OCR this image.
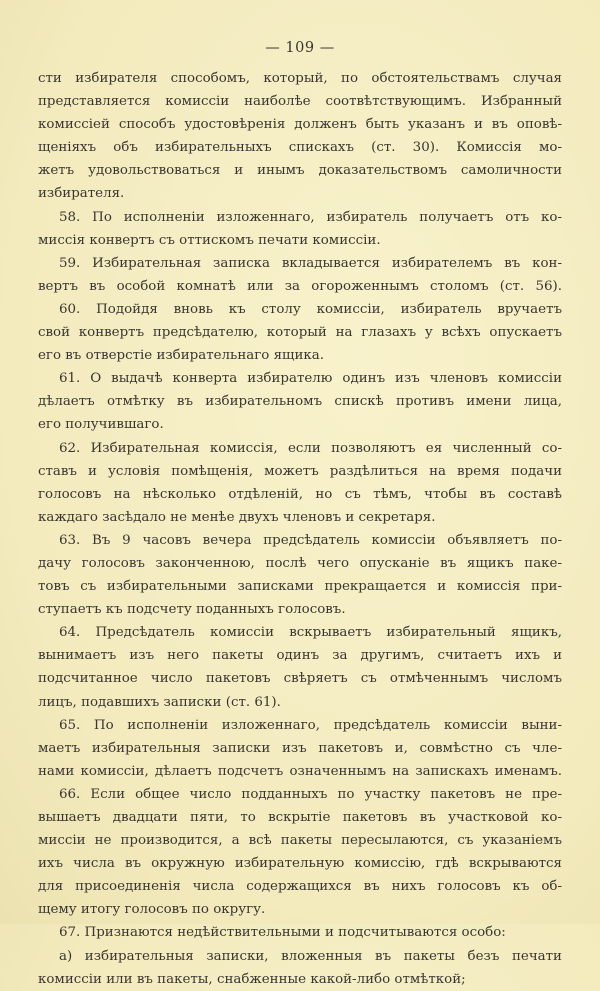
— 109 —
сти избирателя способомъ, который, по обстоятельствамъ случая
представляется комиссіи наиболѣе соотвѣтствующимъ. Избранный
комиссіей способъ удостовѣренія долженъ быть указанъ и въ оповѣ-
щеніяхъ объ избирательныхъ спискахъ (ст. 30). Комиссія мо-
жетъ удовольствоваться и инымъ доказательствомъ самоличности
избирателя.
58. По исполненіи изложеннаго, избиратель получаетъ отъ ко-
миссія конвертъ съ оттискомъ печати комиссіи.
59. Избирательная записка вкладывается избирателемъ въ кон-
вертъ въ особой комнатѣ или за огороженнымъ столомъ (ст. 56).
60. Подойдя вновь къ столу комиссіи, избиратель вручаетъ
свой конвертъ предсѣдателю, который на глазахъ у всѣхъ опускаетъ
его въ отверстіе избирательнаго ящика.
61. О выдачѣ конверта избирателю одинъ изъ членовъ комиссіи
дѣлаетъ отмѣтку въ избирательномъ спискѣ противъ имени лица,
его получившаго.
62. Избирательная комиссія, если позволяютъ ея численный со-
ставъ и условія помѣщенія, можетъ раздѣлиться на время подачи
голосовъ на нѣсколько отдѣленій, но съ тѣмъ, чтобы въ составѣ
каждаго засѣдало не менѣе двухъ членовъ и секретаря.
63. Въ 9 часовъ вечера предсѣдатель комиссіи объявляетъ по-
дачу голосовъ законченною, послѣ чего опусканіе въ ящикъ паке-
товъ съ избирательными записками прекращается и комиссія при-
ступаетъ къ подсчету поданныхъ голосовъ.
64. Предсѣдатель комиссіи вскрываетъ избирательный ящикъ,
вынимаетъ изъ него пакеты одинъ за другимъ, считаетъ ихъ и
подсчитанное число пакетовъ свѣряетъ съ отмѣченнымъ числомъ
лицъ, подавшихъ записки (ст. 61).
65. По исполненіи изложеннаго, предсѣдатель комиссіи выни-
маетъ избирательныя записки изъ пакетовъ и, совмѣстно съ чле-
нами комиссіи, дѣлаетъ подсчетъ означеннымъ на запискахъ именамъ.
66. Если общее число подданныхъ по участку пакетовъ не пре-
вышаетъ двадцати пяти, то вскрытіе пакетовъ въ участковой ко-
миссіи не производится, а всѣ пакеты пересылаются, съ указаніемъ
ихъ числа въ окружную избирательную комиссію, гдѣ вскрываются
для присоединенія числа содержащихся въ нихъ голосовъ къ об-
щему итогу голосовъ по округу.
67. Признаются недѣйствительными и подсчитываются особо:
а) избирательныя записки, вложенныя въ пакеты безъ печати
комиссіи или въ пакеты, снабженные какой-либо отмѣткой;
